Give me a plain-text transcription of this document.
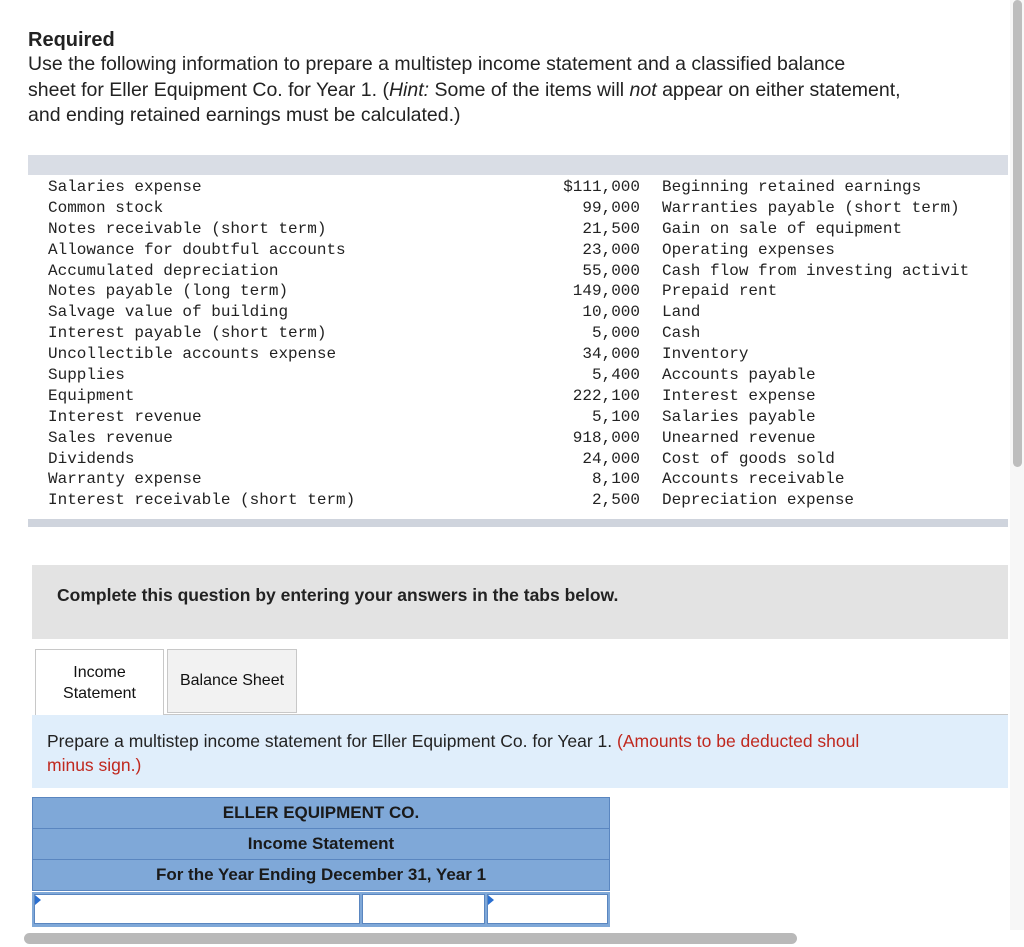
Required

Use the following information to prepare a multistep income statement and a classified balance
sheet for Eller Equipment Co. for Year 1. (Hint: Some of the items will not appear on either statement,
and ending retained earnings must be calculated.)

Salaries expense
Common stock
Notes receivable (short term)
Allowance for doubtful accounts
Accumulated depreciation
Notes payable (long term)
Salvage value of building
Interest payable (short term)
Uncollectible accounts expense
Supplies
Equipment
Interest revenue
Sales revenue
Dividends
Warranty expense
Interest receivable (short term)
$111,000
99,000
21,500
23,000
55,000
149,000
10,000
5,000
34,000
5,400
222,100
5,100
918,000
24,000
8,100
2,500
Beginning retained earnings
Warranties payable (short term)
Gain on sale of equipment
Operating expenses
Cash flow from investing activit
Prepaid rent
Land
Cash
Inventory
Accounts payable
Interest expense
Salaries payable
Unearned revenue
Cost of goods sold
Accounts receivable
Depreciation expense
Complete this question by entering your answers in the tabs below.
Income
Statement
Balance Sheet
Prepare a multistep income statement for Eller Equipment Co. for Year 1. (Amounts to be deducted shoul
minus sign.)
ELLER EQUIPMENT CO.
Income Statement
For the Year Ending December 31, Year 1
